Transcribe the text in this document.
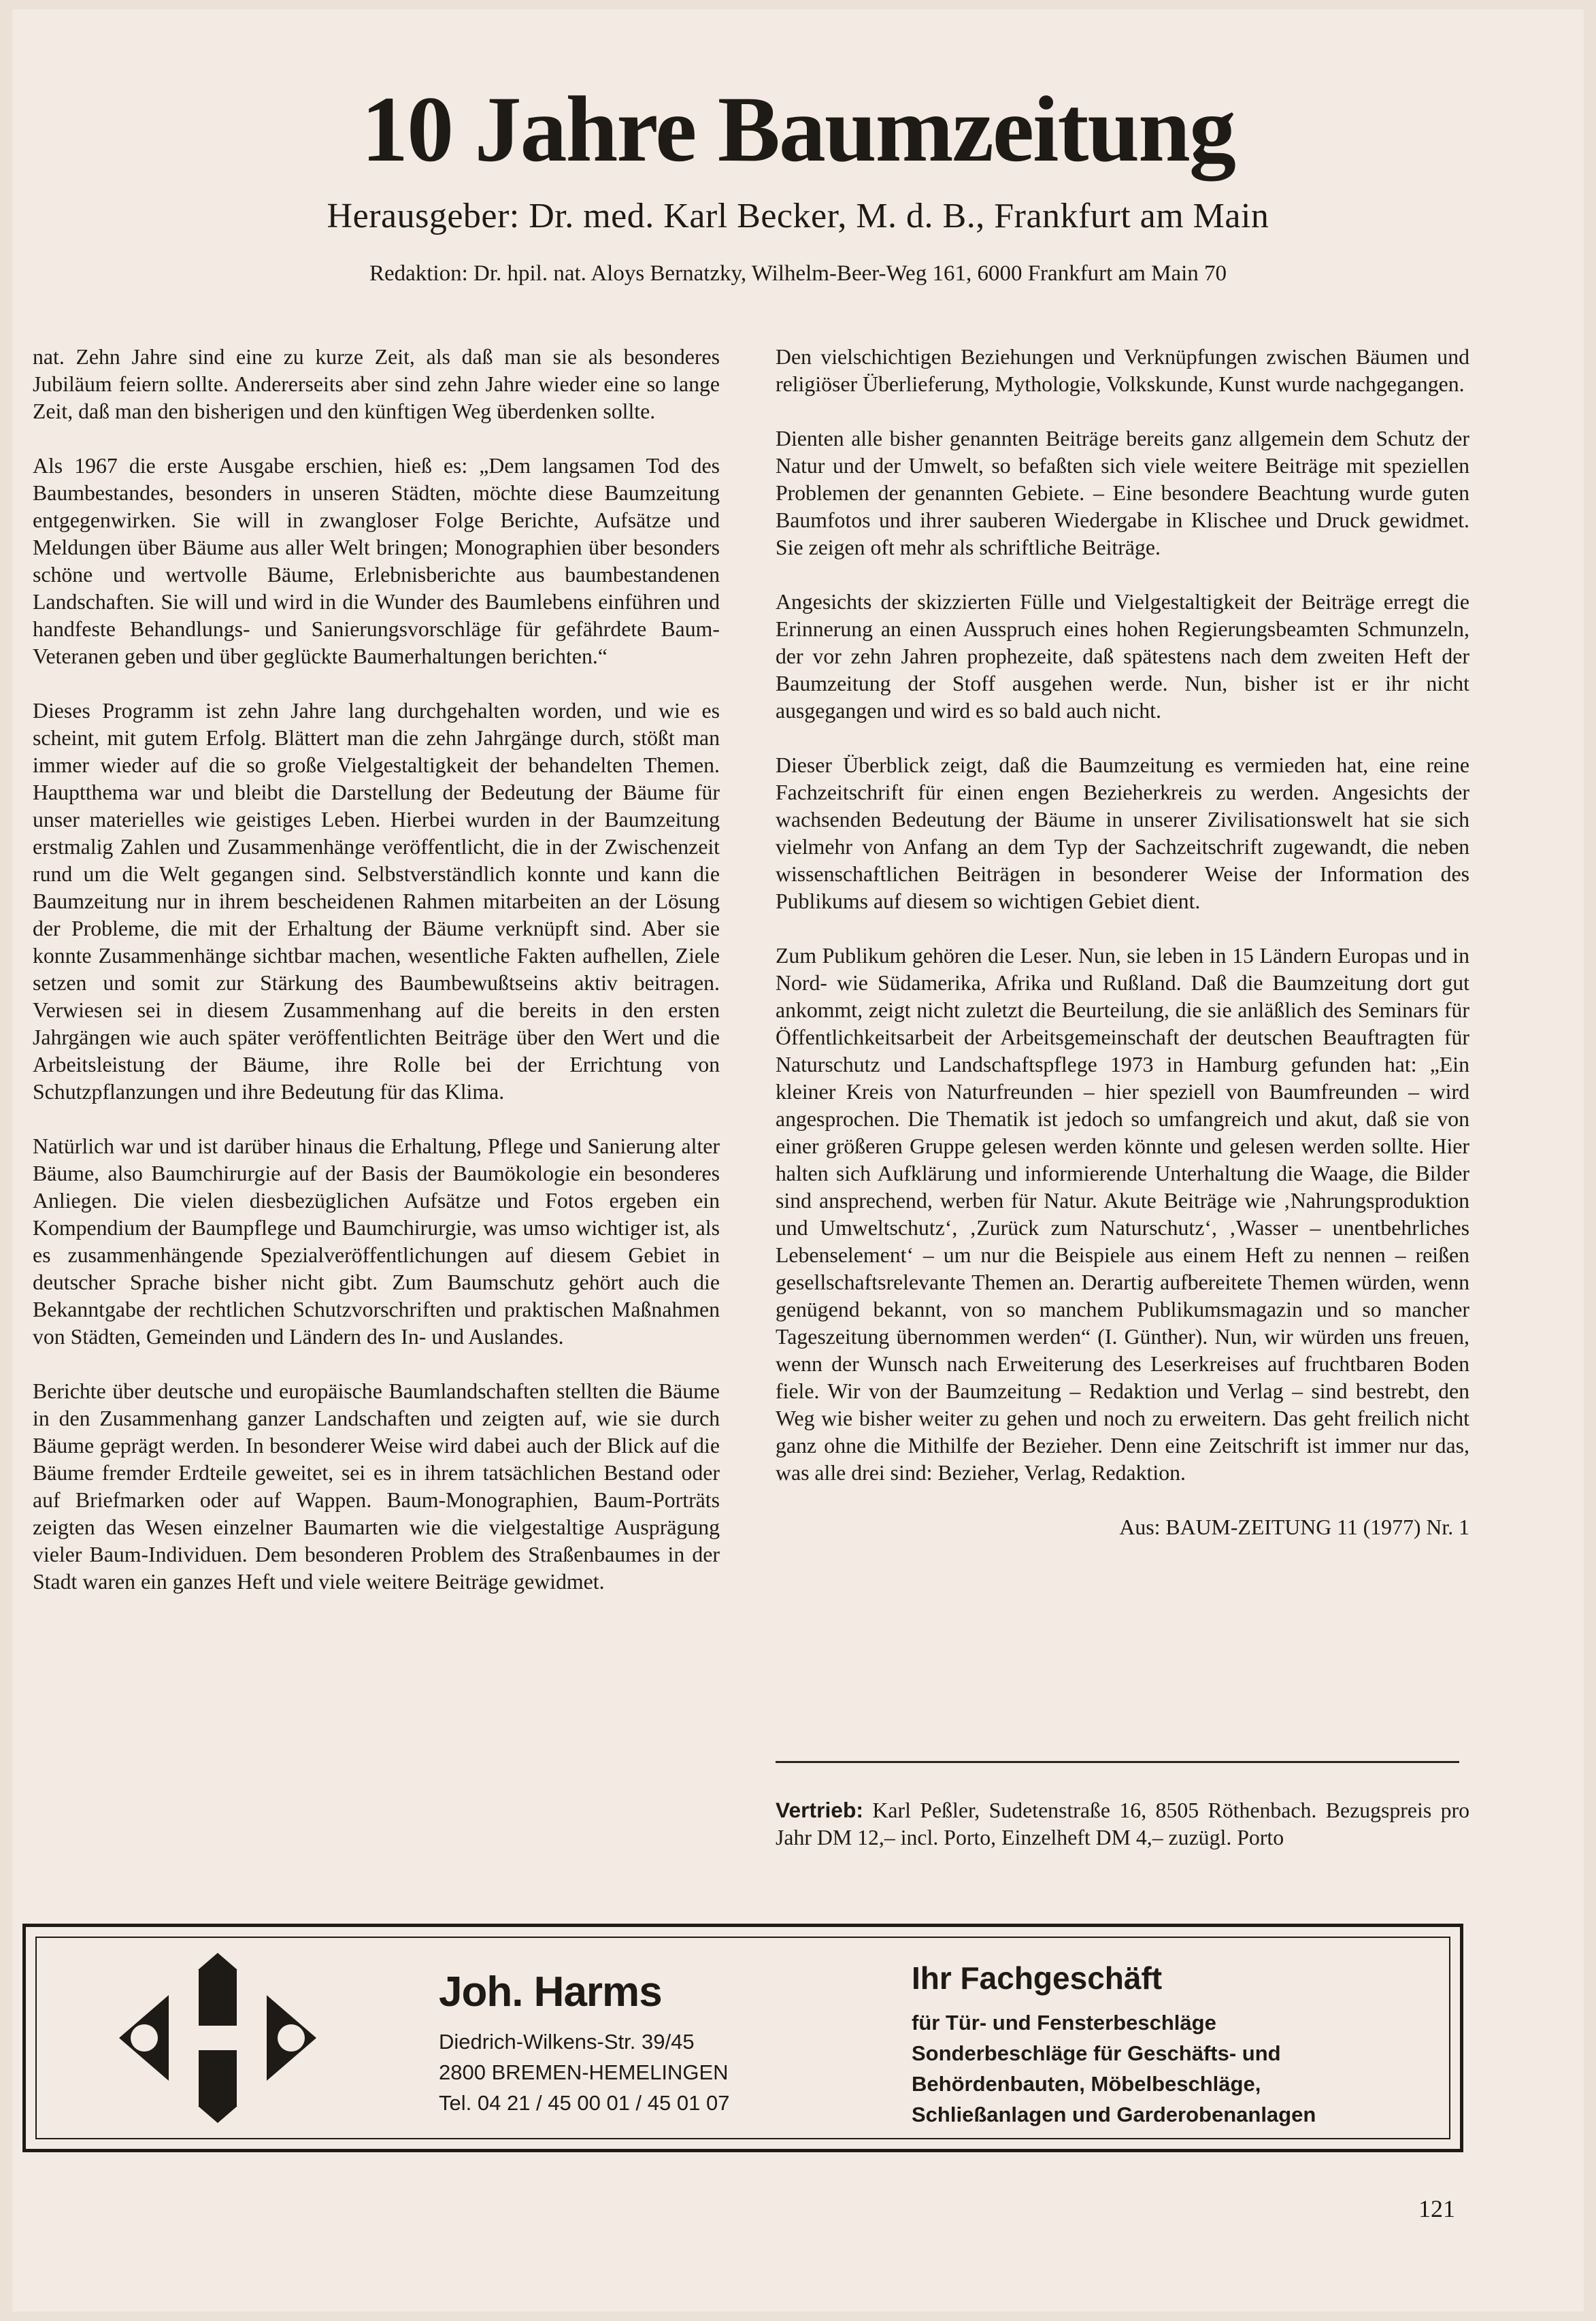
10 Jahre Baumzeitung
Herausgeber: Dr. med. Karl Becker, M. d. B., Frankfurt am Main
Redaktion: Dr. hpil. nat. Aloys Bernatzky, Wilhelm-Beer-Weg 161, 6000 Frankfurt am Main 70

nat. Zehn Jahre sind eine zu kurze Zeit, als daß man sie als besonderes Jubiläum feiern sollte. Andererseits aber sind zehn Jahre wieder eine so lange Zeit, daß man den bisherigen und den künftigen Weg überdenken sollte.

Als 1967 die erste Ausgabe erschien, hieß es: „Dem langsamen Tod des Baumbestandes, besonders in unseren Städten, möchte diese Baumzeitung entgegenwirken. Sie will in zwangloser Folge Berichte, Aufsätze und Meldungen über Bäume aus aller Welt bringen; Monographien über besonders schöne und wertvolle Bäume, Erlebnisberichte aus baumbestandenen Landschaften. Sie will und wird in die Wunder des Baumlebens einführen und handfeste Behandlungs- und Sanierungsvorschläge für gefährdete Baum-Veteranen geben und über geglückte Baumerhaltungen berichten.“

Dieses Programm ist zehn Jahre lang durchgehalten worden, und wie es scheint, mit gutem Erfolg. Blättert man die zehn Jahrgänge durch, stößt man immer wieder auf die so große Vielgestaltigkeit der behandelten Themen. Hauptthema war und bleibt die Darstellung der Bedeutung der Bäume für unser materielles wie geistiges Leben. Hierbei wurden in der Baumzeitung erstmalig Zahlen und Zusammenhänge veröffentlicht, die in der Zwischenzeit rund um die Welt gegangen sind. Selbstverständlich konnte und kann die Baumzeitung nur in ihrem bescheidenen Rahmen mitarbeiten an der Lösung der Probleme, die mit der Erhaltung der Bäume verknüpft sind. Aber sie konnte Zusammenhänge sichtbar machen, wesentliche Fakten aufhellen, Ziele setzen und somit zur Stärkung des Baumbewußtseins aktiv beitragen. Verwiesen sei in diesem Zusammenhang auf die bereits in den ersten Jahrgängen wie auch später veröffentlichten Beiträge über den Wert und die Arbeitsleistung der Bäume, ihre Rolle bei der Errichtung von Schutzpflanzungen und ihre Bedeutung für das Klima.

Natürlich war und ist darüber hinaus die Erhaltung, Pflege und Sanierung alter Bäume, also Baumchirurgie auf der Basis der Baumökologie ein besonderes Anliegen. Die vielen diesbezüglichen Aufsätze und Fotos ergeben ein Kompendium der Baumpflege und Baumchirurgie, was umso wichtiger ist, als es zusammenhängende Spezialveröffentlichungen auf diesem Gebiet in deutscher Sprache bisher nicht gibt. Zum Baumschutz gehört auch die Bekanntgabe der rechtlichen Schutzvorschriften und praktischen Maßnahmen von Städten, Gemeinden und Ländern des In- und Auslandes.

Berichte über deutsche und europäische Baumlandschaften stellten die Bäume in den Zusammenhang ganzer Landschaften und zeigten auf, wie sie durch Bäume geprägt werden. In besonderer Weise wird dabei auch der Blick auf die Bäume fremder Erdteile geweitet, sei es in ihrem tatsächlichen Bestand oder auf Briefmarken oder auf Wappen. Baum-Monographien, Baum-Porträts zeigten das Wesen einzelner Baumarten wie die vielgestaltige Ausprägung vieler Baum-Individuen. Dem besonderen Problem des Straßenbaumes in der Stadt waren ein ganzes Heft und viele weitere Beiträge gewidmet.

Den vielschichtigen Beziehungen und Verknüpfungen zwischen Bäumen und religiöser Überlieferung, Mythologie, Volkskunde, Kunst wurde nachgegangen.

Dienten alle bisher genannten Beiträge bereits ganz allgemein dem Schutz der Natur und der Umwelt, so befaßten sich viele weitere Beiträge mit speziellen Problemen der genannten Gebiete. – Eine besondere Beachtung wurde guten Baumfotos und ihrer sauberen Wiedergabe in Klischee und Druck gewidmet. Sie zeigen oft mehr als schriftliche Beiträge.

Angesichts der skizzierten Fülle und Vielgestaltigkeit der Beiträge erregt die Erinnerung an einen Ausspruch eines hohen Regierungsbeamten Schmunzeln, der vor zehn Jahren prophezeite, daß spätestens nach dem zweiten Heft der Baumzeitung der Stoff ausgehen werde. Nun, bisher ist er ihr nicht ausgegangen und wird es so bald auch nicht.

Dieser Überblick zeigt, daß die Baumzeitung es vermieden hat, eine reine Fachzeitschrift für einen engen Bezieherkreis zu werden. Angesichts der wachsenden Bedeutung der Bäume in unserer Zivilisationswelt hat sie sich vielmehr von Anfang an dem Typ der Sachzeitschrift zugewandt, die neben wissenschaftlichen Beiträgen in besonderer Weise der Information des Publikums auf diesem so wichtigen Gebiet dient.

Zum Publikum gehören die Leser. Nun, sie leben in 15 Ländern Europas und in Nord- wie Südamerika, Afrika und Rußland. Daß die Baumzeitung dort gut ankommt, zeigt nicht zuletzt die Beurteilung, die sie anläßlich des Seminars für Öffentlichkeitsarbeit der Arbeitsgemeinschaft der deutschen Beauftragten für Naturschutz und Landschaftspflege 1973 in Hamburg gefunden hat: „Ein kleiner Kreis von Naturfreunden – hier speziell von Baumfreunden – wird angesprochen. Die Thematik ist jedoch so umfangreich und akut, daß sie von einer größeren Gruppe gelesen werden könnte und gelesen werden sollte. Hier halten sich Aufklärung und informierende Unterhaltung die Waage, die Bilder sind ansprechend, werben für Natur. Akute Beiträge wie ‚Nahrungsproduktion und Umweltschutz‘, ‚Zurück zum Naturschutz‘, ‚Wasser – unentbehrliches Lebenselement‘ – um nur die Beispiele aus einem Heft zu nennen – reißen gesellschaftsrelevante Themen an. Derartig aufbereitete Themen würden, wenn genügend bekannt, von so manchem Publikumsmagazin und so mancher Tageszeitung übernommen werden“ (I. Günther). Nun, wir würden uns freuen, wenn der Wunsch nach Erweiterung des Leserkreises auf fruchtbaren Boden fiele. Wir von der Baumzeitung – Redaktion und Verlag – sind bestrebt, den Weg wie bisher weiter zu gehen und noch zu erweitern. Das geht freilich nicht ganz ohne die Mithilfe der Bezieher. Denn eine Zeitschrift ist immer nur das, was alle drei sind: Bezieher, Verlag, Redaktion.

Aus: BAUM-ZEITUNG 11 (1977) Nr. 1

Vertrieb: Karl Peßler, Sudetenstraße 16, 8505 Röthenbach. Bezugspreis pro Jahr DM 12,– incl. Porto, Einzelheft DM 4,– zuzügl. Porto
Joh. Harms
Diedrich-Wilkens-Str. 39/45
2800 BREMEN-HEMELINGEN
Tel. 04 21 / 45 00 01 / 45 01 07
Ihr Fachgeschäft
für Tür- und Fensterbeschläge
Sonderbeschläge für Geschäfts- und
Behördenbauten, Möbelbeschläge,
Schließanlagen und Garderobenanlagen
121
